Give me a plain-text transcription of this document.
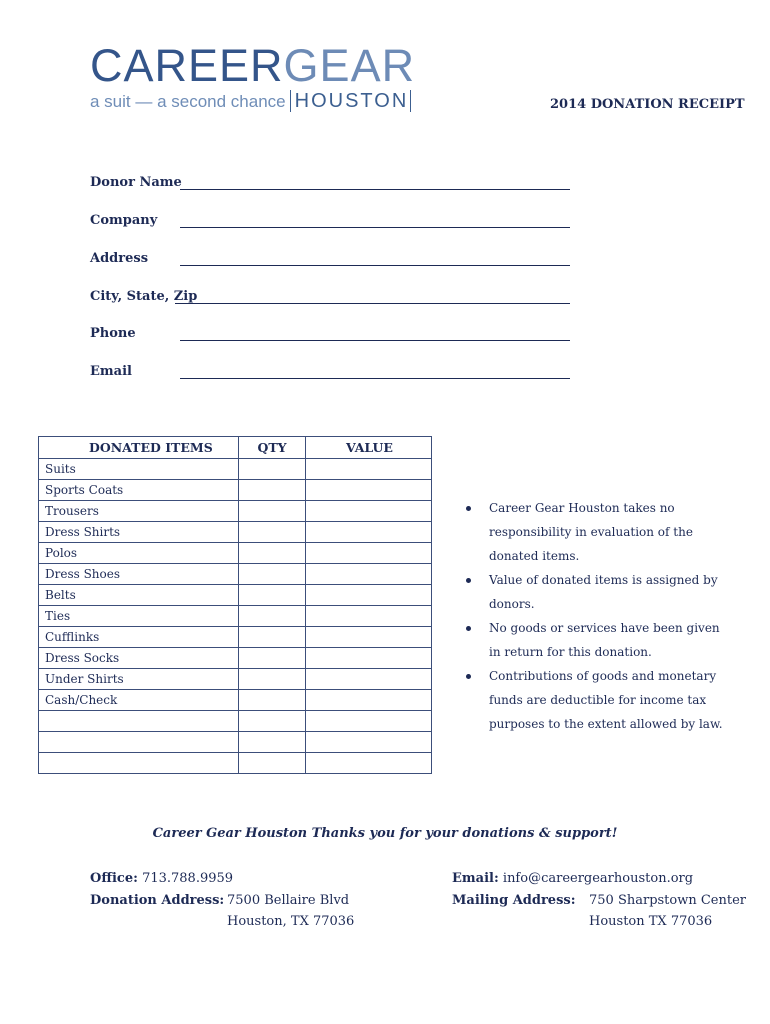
CAREERGEAR
a suit — a second chance HOUSTON	2014 DONATION RECEIPT
Donor Name
Company
Address
City, State, Zip
Phone
Email
DONATED ITEMS	QTY	VALUE
Suits		
Sports Coats		
Trousers		
Dress Shirts		
Polos		
Dress Shoes		
Belts		
Ties		
Cufflinks		
Dress Socks		
Under Shirts		
Cash/Check		

Career Gear Houston takes no responsibility in evaluation of the donated items.
Value of donated items is assigned by donors.
No goods or services have been given in return for this donation.
Contributions of goods and monetary funds are deductible for income tax purposes to the extent allowed by law.
Career Gear Houston Thanks you for your donations & support!
Office: 713.788.9959
Donation Address: 7500 Bellaire Blvd
Houston, TX 77036
Email: info@careergearhouston.org
Mailing Address: 750 Sharpstown Center
Houston TX 77036
